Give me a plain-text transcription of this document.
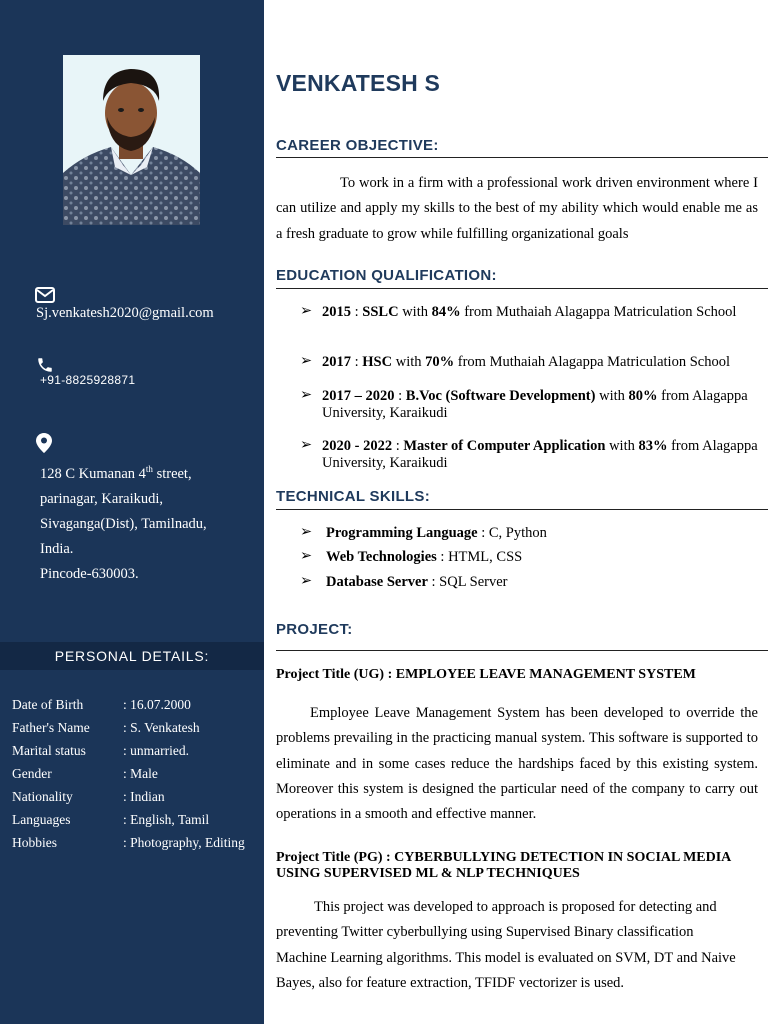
Sj.venkatesh2020@gmail.com
+91-8825928871
128 C Kumanan 4th street,
parinagar, Karaikudi,
Sivaganga(Dist), Tamilnadu,
India.
Pincode-630003.
PERSONAL DETAILS:
Date of Birth	: 16.07.2000
Father's Name : S. Venkatesh
Marital status	: unmarried.
Gender	: Male
Nationality	: Indian
Languages	: English, Tamil
Hobbies	: Photography, Editing
VENKATESH S
CAREER OBJECTIVE:
To work in a firm with a professional work driven environment where I can utilize and apply my skills to the best of my ability which would enable me as a fresh graduate to grow while fulfilling organizational goals
EDUCATION QUALIFICATION:
➢ 2015 : SSLC with 84% from Muthaiah Alagappa Matriculation School
➢ 2017 : HSC with 70% from Muthaiah Alagappa Matriculation School
➢ 2017 – 2020 : B.Voc (Software Development) with 80% from Alagappa University, Karaikudi
➢ 2020 - 2022 : Master of Computer Application with 83% from Alagappa University, Karaikudi
TECHNICAL SKILLS:
➢ Programming Language : C, Python
➢ Web Technologies : HTML, CSS
➢ Database Server : SQL Server
PROJECT:
Project Title (UG) : EMPLOYEE LEAVE MANAGEMENT SYSTEM
Employee Leave Management System has been developed to override the problems prevailing in the practicing manual system. This software is supported to eliminate and in some cases reduce the hardships faced by this existing system. Moreover this system is designed the particular need of the company to carry out operations in a smooth and effective manner.
Project Title (PG) : CYBERBULLYING DETECTION IN SOCIAL MEDIA USING SUPERVISED ML & NLP TECHNIQUES
This project was developed to approach is proposed for detecting and preventing Twitter cyberbullying using Supervised Binary classification Machine Learning algorithms. This model is evaluated on SVM, DT and Naive Bayes, also for feature extraction, TFIDF vectorizer is used.
